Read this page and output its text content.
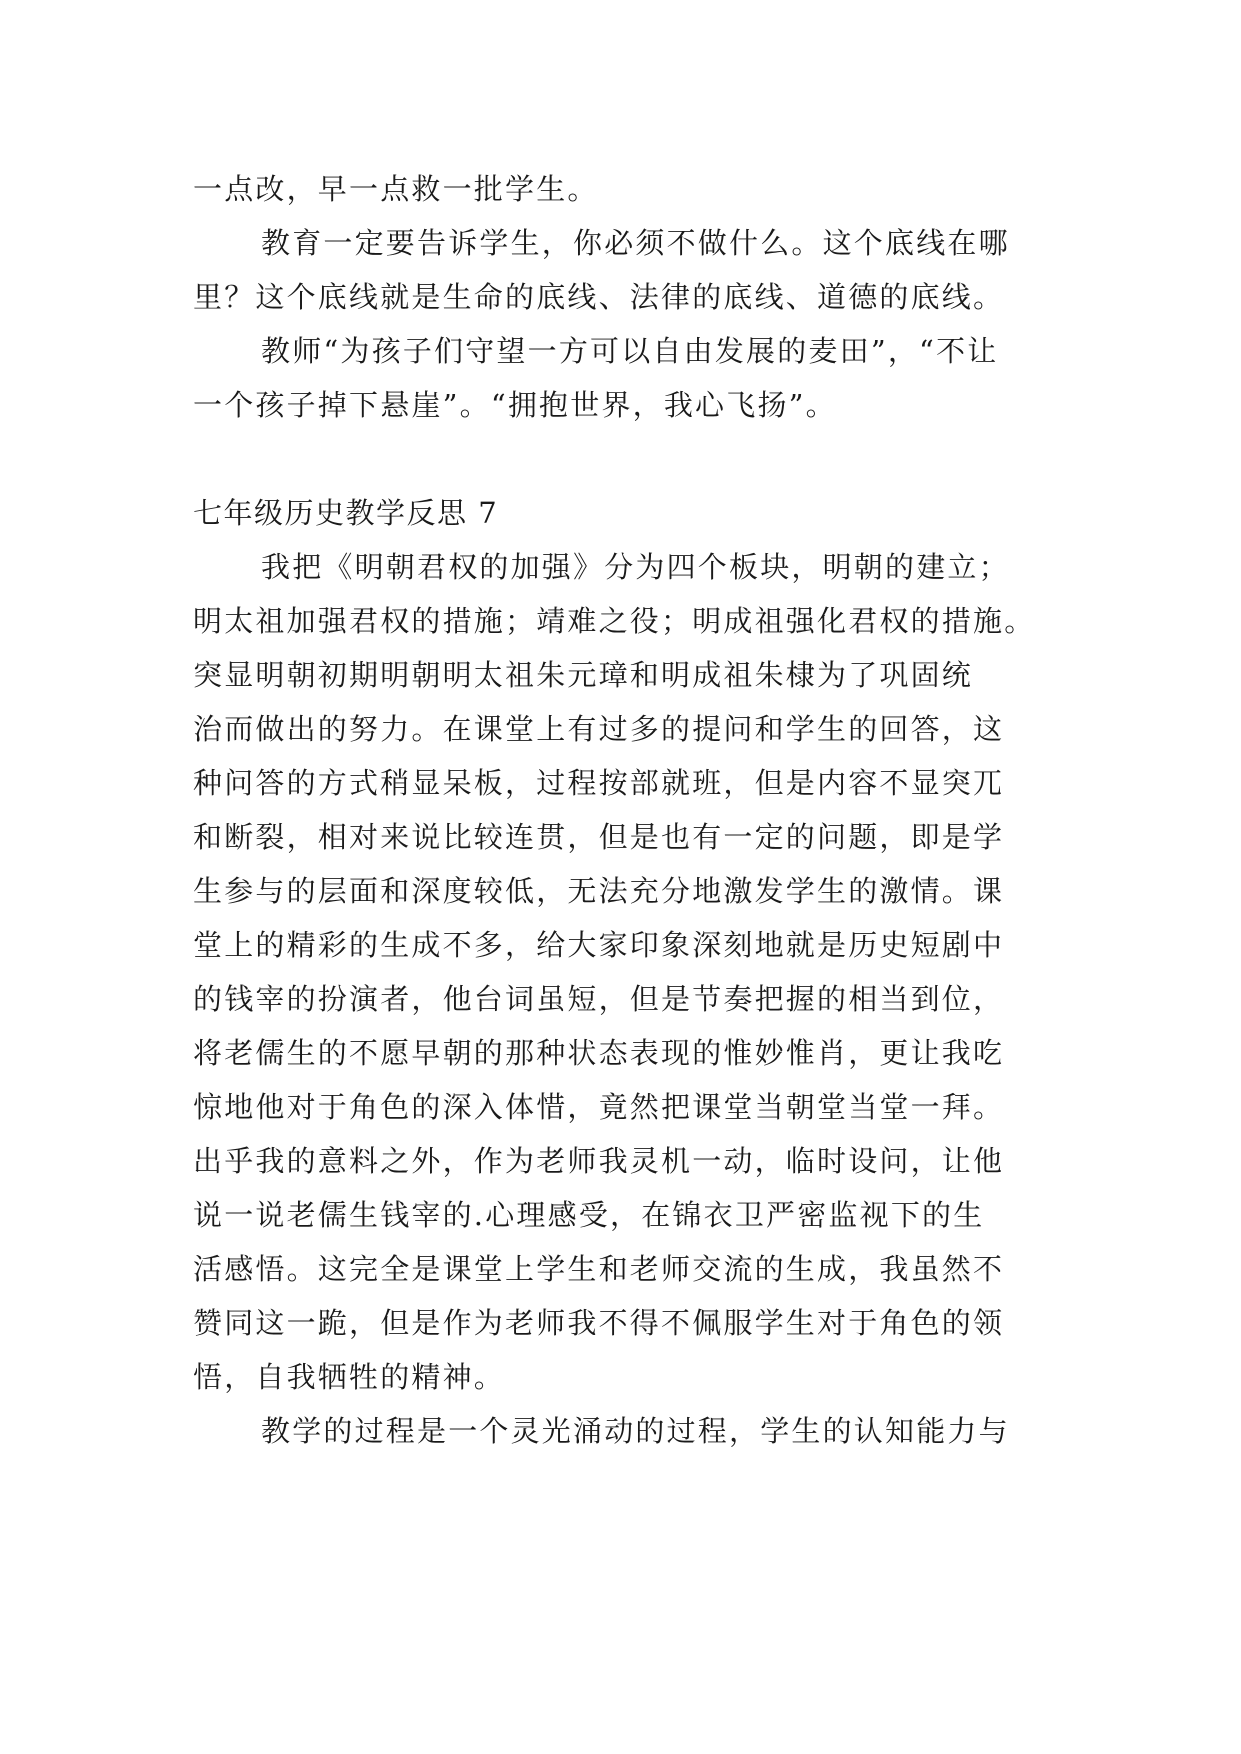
一点改，早一点救一批学生。
教育一定要告诉学生，你必须不做什么。这个底线在哪
里？这个底线就是生命的底线、法律的底线、道德的底线。
教师“为孩子们守望一方可以自由发展的麦田”，“不让
一个孩子掉下悬崖”。“拥抱世界，我心飞扬”。
七年级历史教学反思 7
我把《明朝君权的加强》分为四个板块，明朝的建立；
明太祖加强君权的措施；靖难之役；明成祖强化君权的措施。
突显明朝初期明朝明太祖朱元璋和明成祖朱棣为了巩固统
治而做出的努力。在课堂上有过多的提问和学生的回答，这
种问答的方式稍显呆板，过程按部就班，但是内容不显突兀
和断裂，相对来说比较连贯，但是也有一定的问题，即是学
生参与的层面和深度较低，无法充分地激发学生的激情。课
堂上的精彩的生成不多，给大家印象深刻地就是历史短剧中
的钱宰的扮演者，他台词虽短，但是节奏把握的相当到位，
将老儒生的不愿早朝的那种状态表现的惟妙惟肖，更让我吃
惊地他对于角色的深入体惜，竟然把课堂当朝堂当堂一拜。
出乎我的意料之外，作为老师我灵机一动，临时设问，让他
说一说老儒生钱宰的.心理感受，在锦衣卫严密监视下的生
活感悟。这完全是课堂上学生和老师交流的生成，我虽然不
赞同这一跪，但是作为老师我不得不佩服学生对于角色的领
悟，自我牺牲的精神。
教学的过程是一个灵光涌动的过程，学生的认知能力与
